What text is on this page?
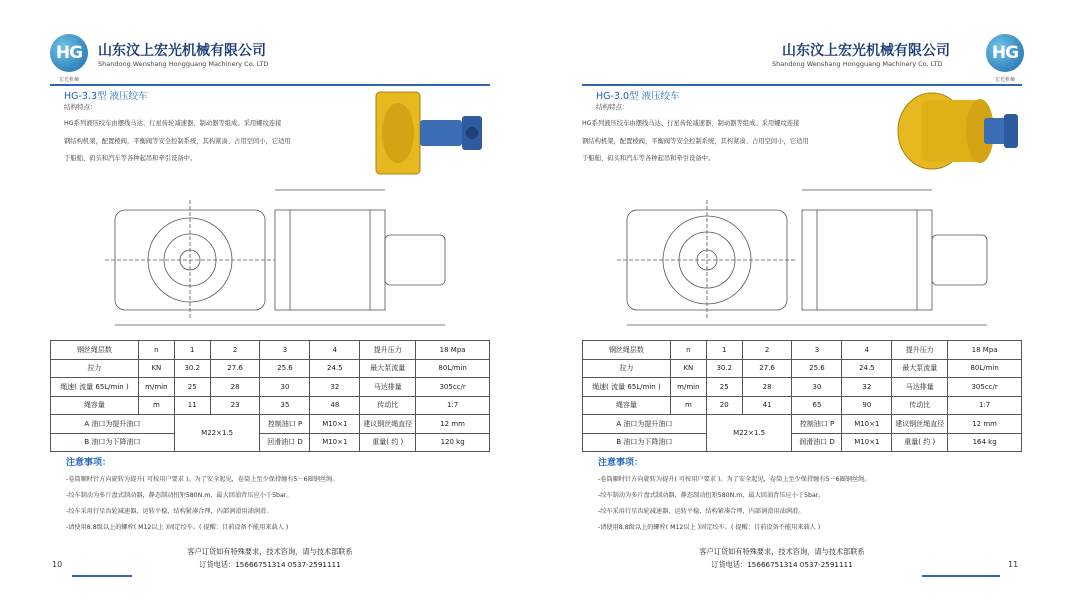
HG
宏光机械
山东汶上宏光机械有限公司
Shandong Wenshang Hongguang Machinery Co. LTD
HG-3.3型 液压绞车
结构特点：
HG系列液压绞车由摆线马达、行星齿轮减速器、制动器等组成。采用螺纹连接
钢结构机架，配置棱阀，平衡阀等安全控制系统，其构紧凑、占用空间小，它适用
于船舶、码头和汽车等各种起吊和牵引设备中。
钢丝绳层数	n	1	2	3	4	提升压力	18 Mpa
拉力	KN	30.2	27.6	25.6	24.5	最大泵流量	80L/min
绳速( 流量 65L/min )	m/min	25	28	30	32	马达排量	305cc/r
绳容量	m	11	23	35	48	传动比	1:7
A 油口为提升油口		M22×1.5		控制油口 P	M10×1	建议钢丝绳直径	12 mm
B 油口为下降油口				回滑油口 D	M10×1	重量( 约 )	120 kg
注意事项：
-卷筒顺时针方向旋转为提升( 可按用户要求 )。为了安全起见，卷筒上至少保持缠有5－6圈钢丝绳。
-绞车制动为多片盘式制动器，静态制动扭矩580N.m，最大回油背压应小于5bar。
-绞车采用行星齿轮减速器，运转平稳，结构紧凑合理，内部润滑用油润滑。
-请使用8.8级以上的螺栓( M12以上 )固定绞车。( 提醒：目前设备不能用来载人 )
客户订货如有特殊要求，技术咨询，请与技术部联系
订货电话：15666751314 0537-2591111
10
山东汶上宏光机械有限公司
Shandong Wenshang Hongguang Machinery Co. LTD
HG
宏光机械
HG-3.0型 液压绞车
结构特点：
HG系列液压绞车由摆线马达、行星齿轮减速器、制动器等组成。采用螺纹连接
钢结构机架，配置棱阀，平衡阀等安全控制系统，其构紧凑、占用空间小，它适用
于船舶、码头和汽车等各种起吊和牵引设备中。
钢丝绳层数	n	1	2	3	4	提升压力	18 Mpa
拉力	KN	30.2	27.6	25.6	24.5	最大泵流量	80L/min
绳速( 流量 65L/min )	m/min	25	28	30	32	马达排量	305cc/r
绳容量	m	20	41	65	90	传动比	1:7
A 油口为提升油口		M22×1.5		控制油口 P	M10×1	建议钢丝绳直径	12 mm
B 油口为下降油口				润滑油口 D	M10×1	重量( 约 )	164 kg
注意事项：
-卷筒顺时针方向旋转为提升( 可按用户要求 )。为了安全起见，卷筒上至少保持缠有5－6圈钢丝绳。
-绞车制动为多片盘式制动器，静态制动扭矩580N.m，最大回油背压应小于5bar。
-绞车采用行星齿轮减速器，运转平稳，结构紧凑合理，内部润滑用油润滑。
-请使用8.8级以上的螺栓( M12以上 )固定绞车。( 提醒：目前设备不能用来载人 )
客户订货如有特殊要求，技术咨询，请与技术部联系
订货电话：15666751314 0537-2591111	11
